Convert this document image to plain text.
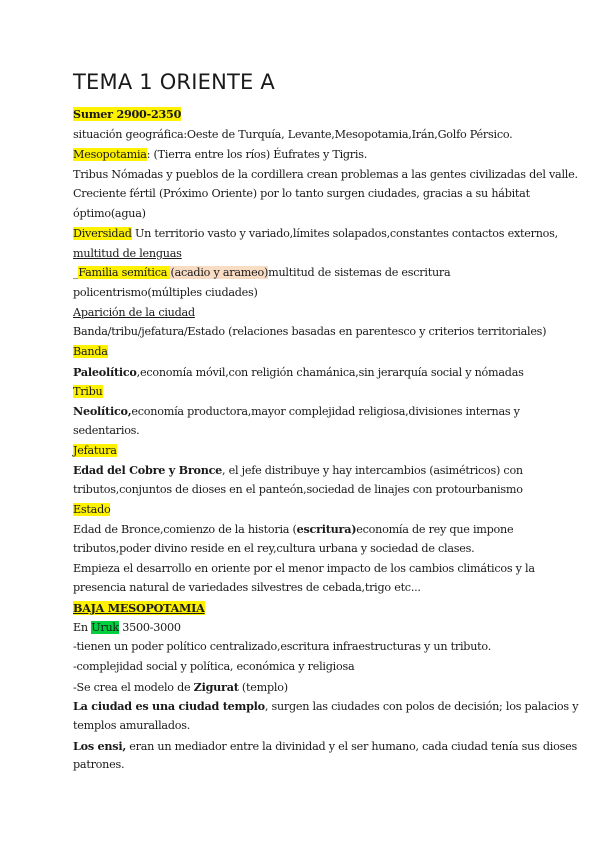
TEMA 1 ORIENTE A
Sumer 2900-2350
situación geográfica:Oeste de Turquía, Levante,Mesopotamia,Irán,Golfo Pérsico.
Mesopotamia: (Tierra entre los ríos) Éufrates y Tigris.
Tribus Nómadas y pueblos de la cordillera crean problemas a las gentes civilizadas del valle.
Creciente fértil (Próximo Oriente) por lo tanto surgen ciudades, gracias a su hábitat
óptimo(agua)
Diversidad Un territorio vasto y variado,límites solapados,constantes contactos externos,
multitud de lenguas
_Familia semítica (acadio y arameo)multitud de sistemas de escritura
policentrismo(múltiples ciudades)
Aparición de la ciudad
Banda/tribu/jefatura/Estado (relaciones basadas en parentesco y criterios territoriales)
Banda
Paleolítico,economía móvil,con religión chamánica,sin jerarquía social y nómadas
Tribu
Neolítico,economía productora,mayor complejidad religiosa,divisiones internas y
sedentarios.
Jefatura
Edad del Cobre y Bronce, el jefe distribuye y hay intercambios (asimétricos) con
tributos,conjuntos de dioses en el panteón,sociedad de linajes con protourbanismo
Estado
Edad de Bronce,comienzo de la historia (escritura)economía de rey que impone
tributos,poder divino reside en el rey,cultura urbana y sociedad de clases.
Empieza el desarrollo en oriente por el menor impacto de los cambios climáticos y la
presencia natural de variedades silvestres de cebada,trigo etc...
BAJA MESOPOTAMIA
En Uruk 3500-3000
-tienen un poder político centralizado,escritura infraestructuras y un tributo.
-complejidad social y política, económica y religiosa
-Se crea el modelo de Zigurat (templo)
La ciudad es una ciudad templo, surgen las ciudades con polos de decisión; los palacios y
templos amurallados.
Los ensi, eran un mediador entre la divinidad y el ser humano, cada ciudad tenía sus dioses
patrones.
